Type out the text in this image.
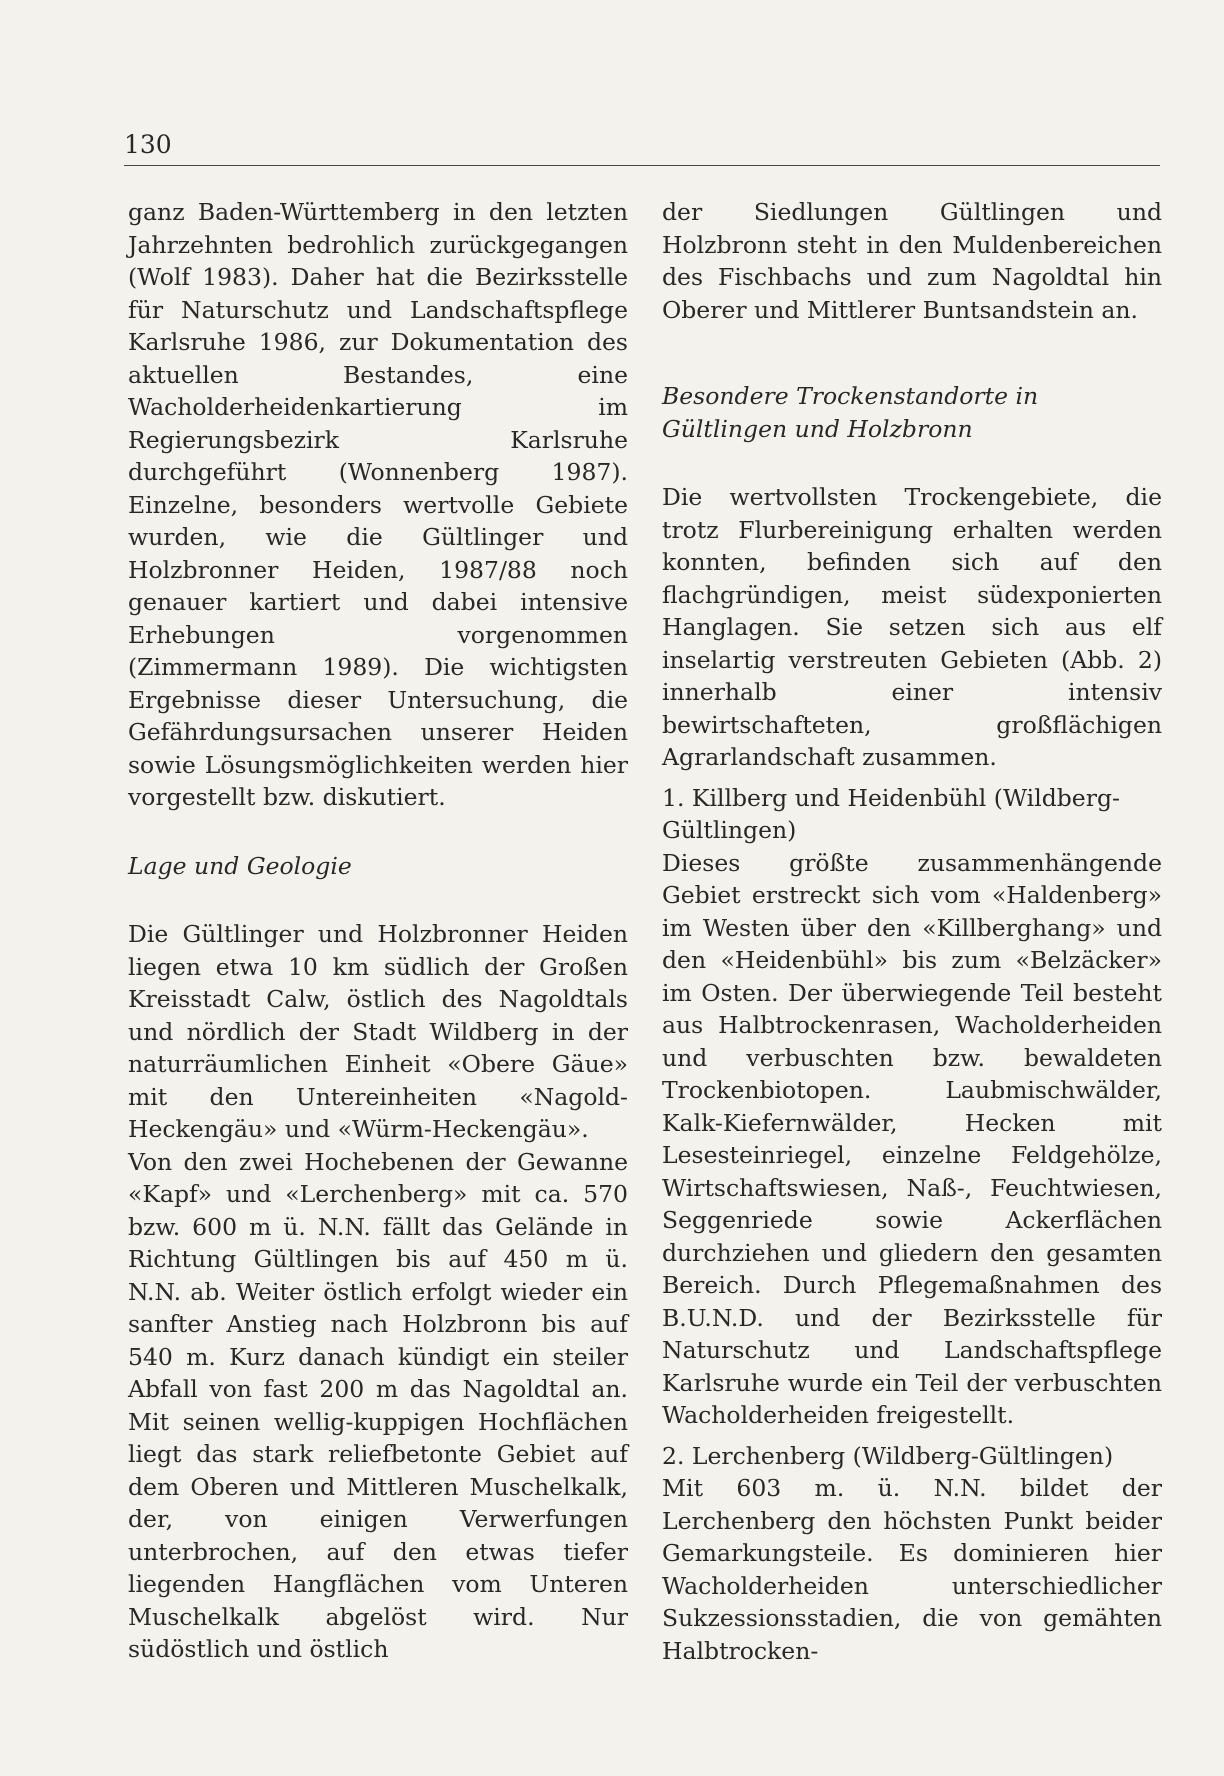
130

ganz Baden-Württemberg in den letzten Jahrzehnten bedrohlich zurückgegangen (Wolf 1983). Daher hat die Bezirksstelle für Naturschutz und Landschaftspflege Karlsruhe 1986, zur Dokumentation des aktuellen Bestandes, eine Wacholderheidenkartierung im Regierungsbezirk Karlsruhe durchgeführt (Wonnenberg 1987). Einzelne, besonders wertvolle Gebiete wurden, wie die Gültlinger und Holzbronner Heiden, 1987/88 noch genauer kartiert und dabei intensive Erhebungen vorgenommen (Zimmermann 1989). Die wichtigsten Ergebnisse dieser Untersuchung, die Gefährdungsursachen unserer Heiden sowie Lösungsmöglichkeiten werden hier vorgestellt bzw. diskutiert.

Lage und Geologie

Die Gültlinger und Holzbronner Heiden liegen etwa 10 km südlich der Großen Kreisstadt Calw, östlich des Nagoldtals und nördlich der Stadt Wildberg in der naturräumlichen Einheit «Obere Gäue» mit den Untereinheiten «Nagold-Heckengäu» und «Würm-Heckengäu».

Von den zwei Hochebenen der Gewanne «Kapf» und «Lerchenberg» mit ca. 570 bzw. 600 m ü. N.N. fällt das Gelände in Richtung Gültlingen bis auf 450 m ü. N.N. ab. Weiter östlich erfolgt wieder ein sanfter Anstieg nach Holzbronn bis auf 540 m. Kurz danach kündigt ein steiler Abfall von fast 200 m das Nagoldtal an. Mit seinen wellig-kuppigen Hochflächen liegt das stark reliefbetonte Gebiet auf dem Oberen und Mittleren Muschelkalk, der, von einigen Verwerfungen unterbrochen, auf den etwas tiefer liegenden Hangflächen vom Unteren Muschelkalk abgelöst wird. Nur südöstlich und östlich

der Siedlungen Gültlingen und Holzbronn steht in den Muldenbereichen des Fischbachs und zum Nagoldtal hin Oberer und Mittlerer Buntsandstein an.

Besondere Trockenstandorte in Gültlingen und Holzbronn

Die wertvollsten Trockengebiete, die trotz Flurbereinigung erhalten werden konnten, befinden sich auf den flachgründigen, meist südexponierten Hanglagen. Sie setzen sich aus elf inselartig verstreuten Gebieten (Abb. 2) innerhalb einer intensiv bewirtschafteten, großflächigen Agrarlandschaft zusammen.

1. Killberg und Heidenbühl (Wildberg-Gültlingen)

Dieses größte zusammenhängende Gebiet erstreckt sich vom «Haldenberg» im Westen über den «Killberghang» und den «Heidenbühl» bis zum «Belzäcker» im Osten. Der überwiegende Teil besteht aus Halbtrockenrasen, Wacholderheiden und verbuschten bzw. bewaldeten Trockenbiotopen. Laubmischwälder, Kalk-Kiefernwälder, Hecken mit Lesesteinriegel, einzelne Feldgehölze, Wirtschaftswiesen, Naß-, Feuchtwiesen, Seggenriede sowie Ackerflächen durchziehen und gliedern den gesamten Bereich. Durch Pflegemaßnahmen des B.U.N.D. und der Bezirksstelle für Naturschutz und Landschaftspflege Karlsruhe wurde ein Teil der verbuschten Wacholderheiden freigestellt.

2. Lerchenberg (Wildberg-Gültlingen)

Mit 603 m. ü. N.N. bildet der Lerchenberg den höchsten Punkt beider Gemarkungsteile. Es dominieren hier Wacholderheiden unterschiedlicher Sukzessionsstadien, die von gemähten Halbtrocken-
